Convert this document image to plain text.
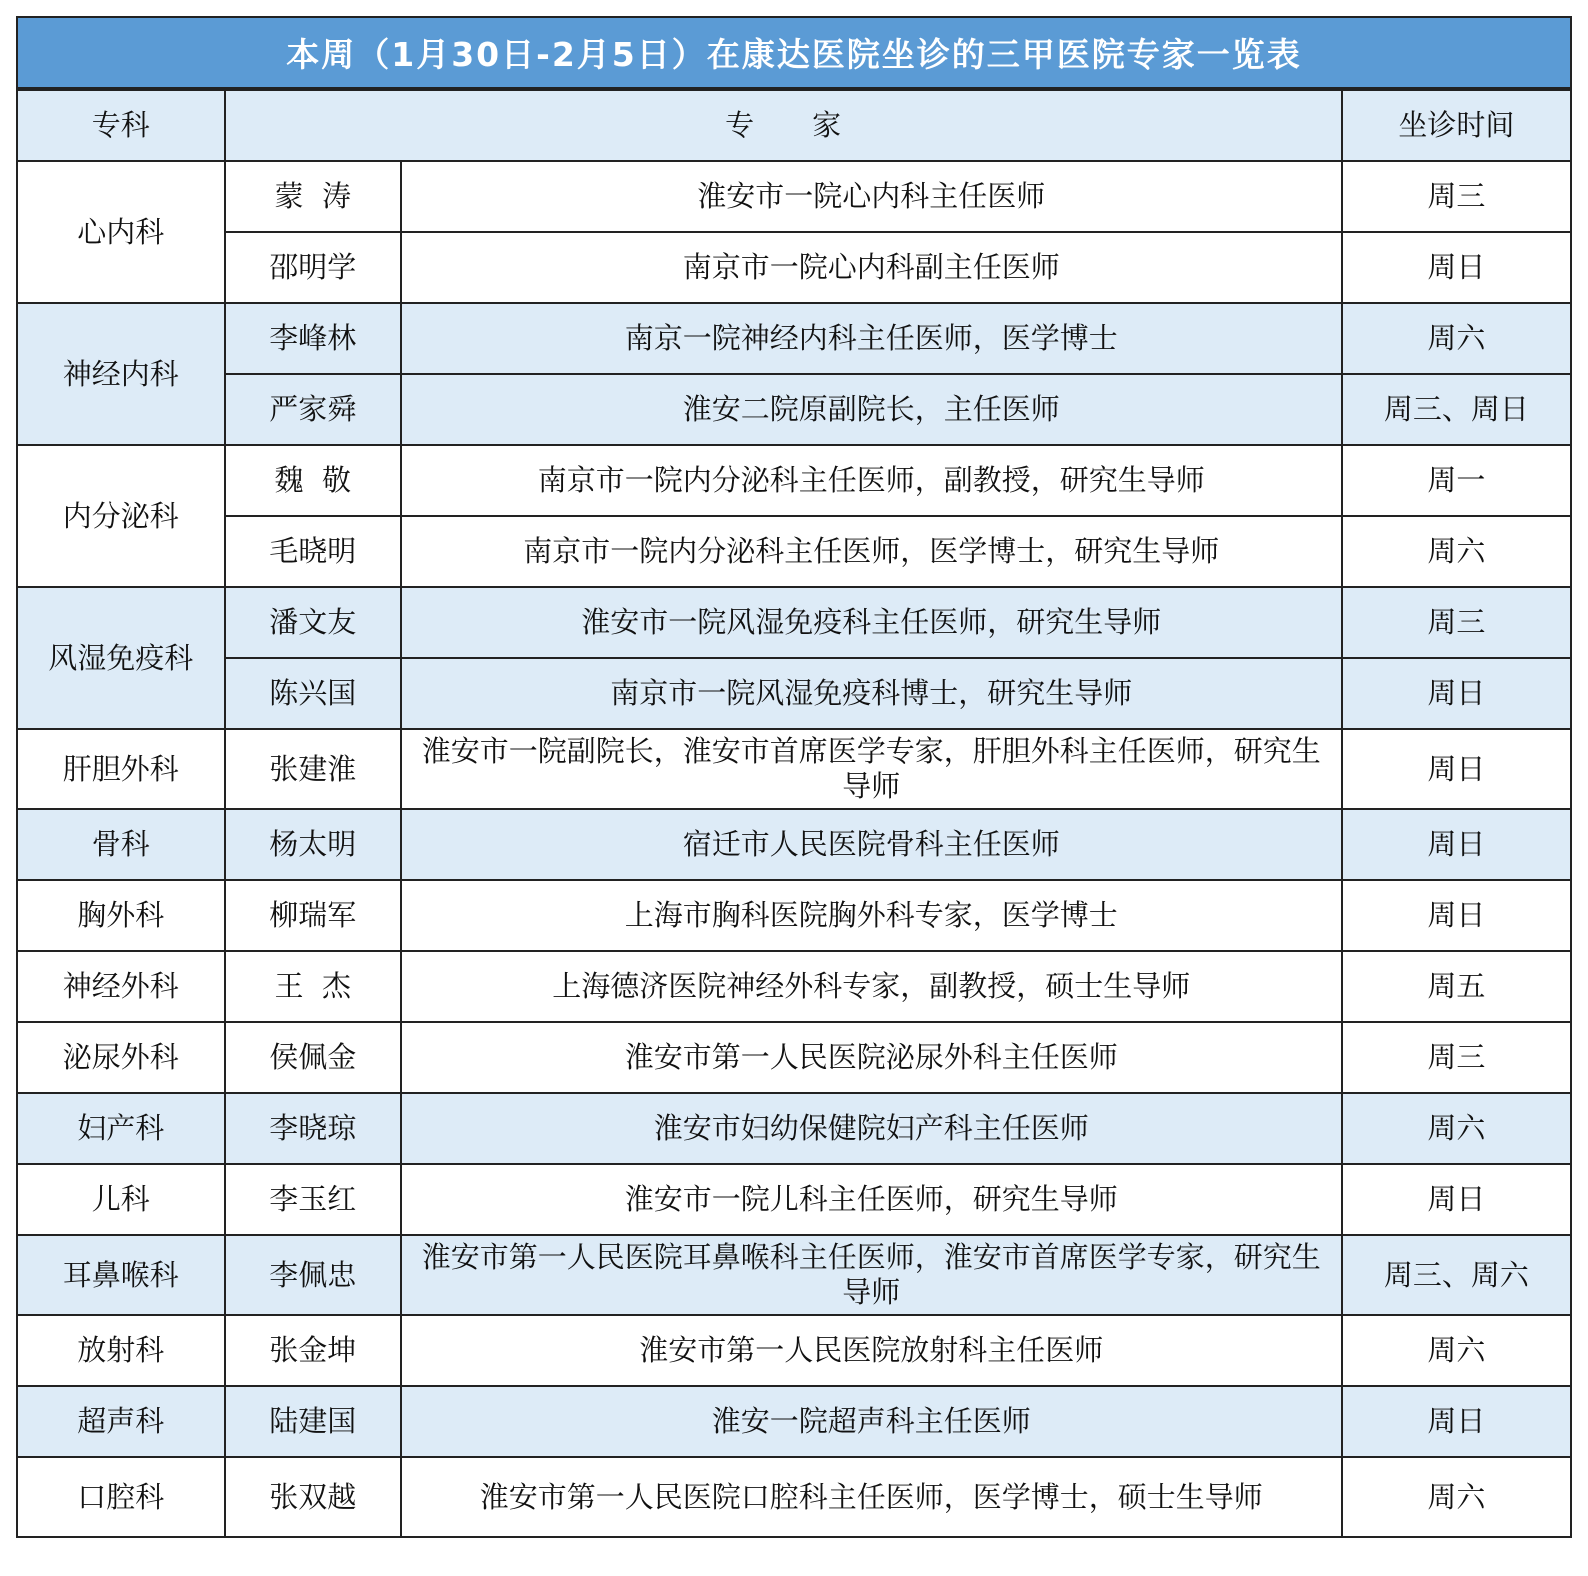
本周（1月30日-2月5日）在康达医院坐诊的三甲医院专家一览表
专科	专　　家		坐诊时间
心内科	蒙  涛	淮安市一院心内科主任医师	周三
	邵明学	南京市一院心内科副主任医师	周日
神经内科	李峰林	南京一院神经内科主任医师，医学博士	周六
	严家舜	淮安二院原副院长，主任医师	周三、周日
内分泌科	魏  敬	南京市一院内分泌科主任医师，副教授，研究生导师	周一
	毛晓明	南京市一院内分泌科主任医师，医学博士，研究生导师	周六
风湿免疫科	潘文友	淮安市一院风湿免疫科主任医师，研究生导师	周三
	陈兴国	南京市一院风湿免疫科博士，研究生导师	周日
肝胆外科	张建淮	淮安市一院副院长，淮安市首席医学专家，肝胆外科主任医师，研究生导师	周日
骨科	杨太明	宿迁市人民医院骨科主任医师	周日
胸外科	柳瑞军	上海市胸科医院胸外科专家，医学博士	周日
神经外科	王  杰	上海德济医院神经外科专家，副教授，硕士生导师	周五
泌尿外科	侯佩金	淮安市第一人民医院泌尿外科主任医师	周三
妇产科	李晓琼	淮安市妇幼保健院妇产科主任医师	周六
儿科	李玉红	淮安市一院儿科主任医师，研究生导师	周日
耳鼻喉科	李佩忠	淮安市第一人民医院耳鼻喉科主任医师，淮安市首席医学专家，研究生导师	周三、周六
放射科	张金坤	淮安市第一人民医院放射科主任医师	周六
超声科	陆建国	淮安一院超声科主任医师	周日
口腔科	张双越	淮安市第一人民医院口腔科主任医师，医学博士，硕士生导师	周六
